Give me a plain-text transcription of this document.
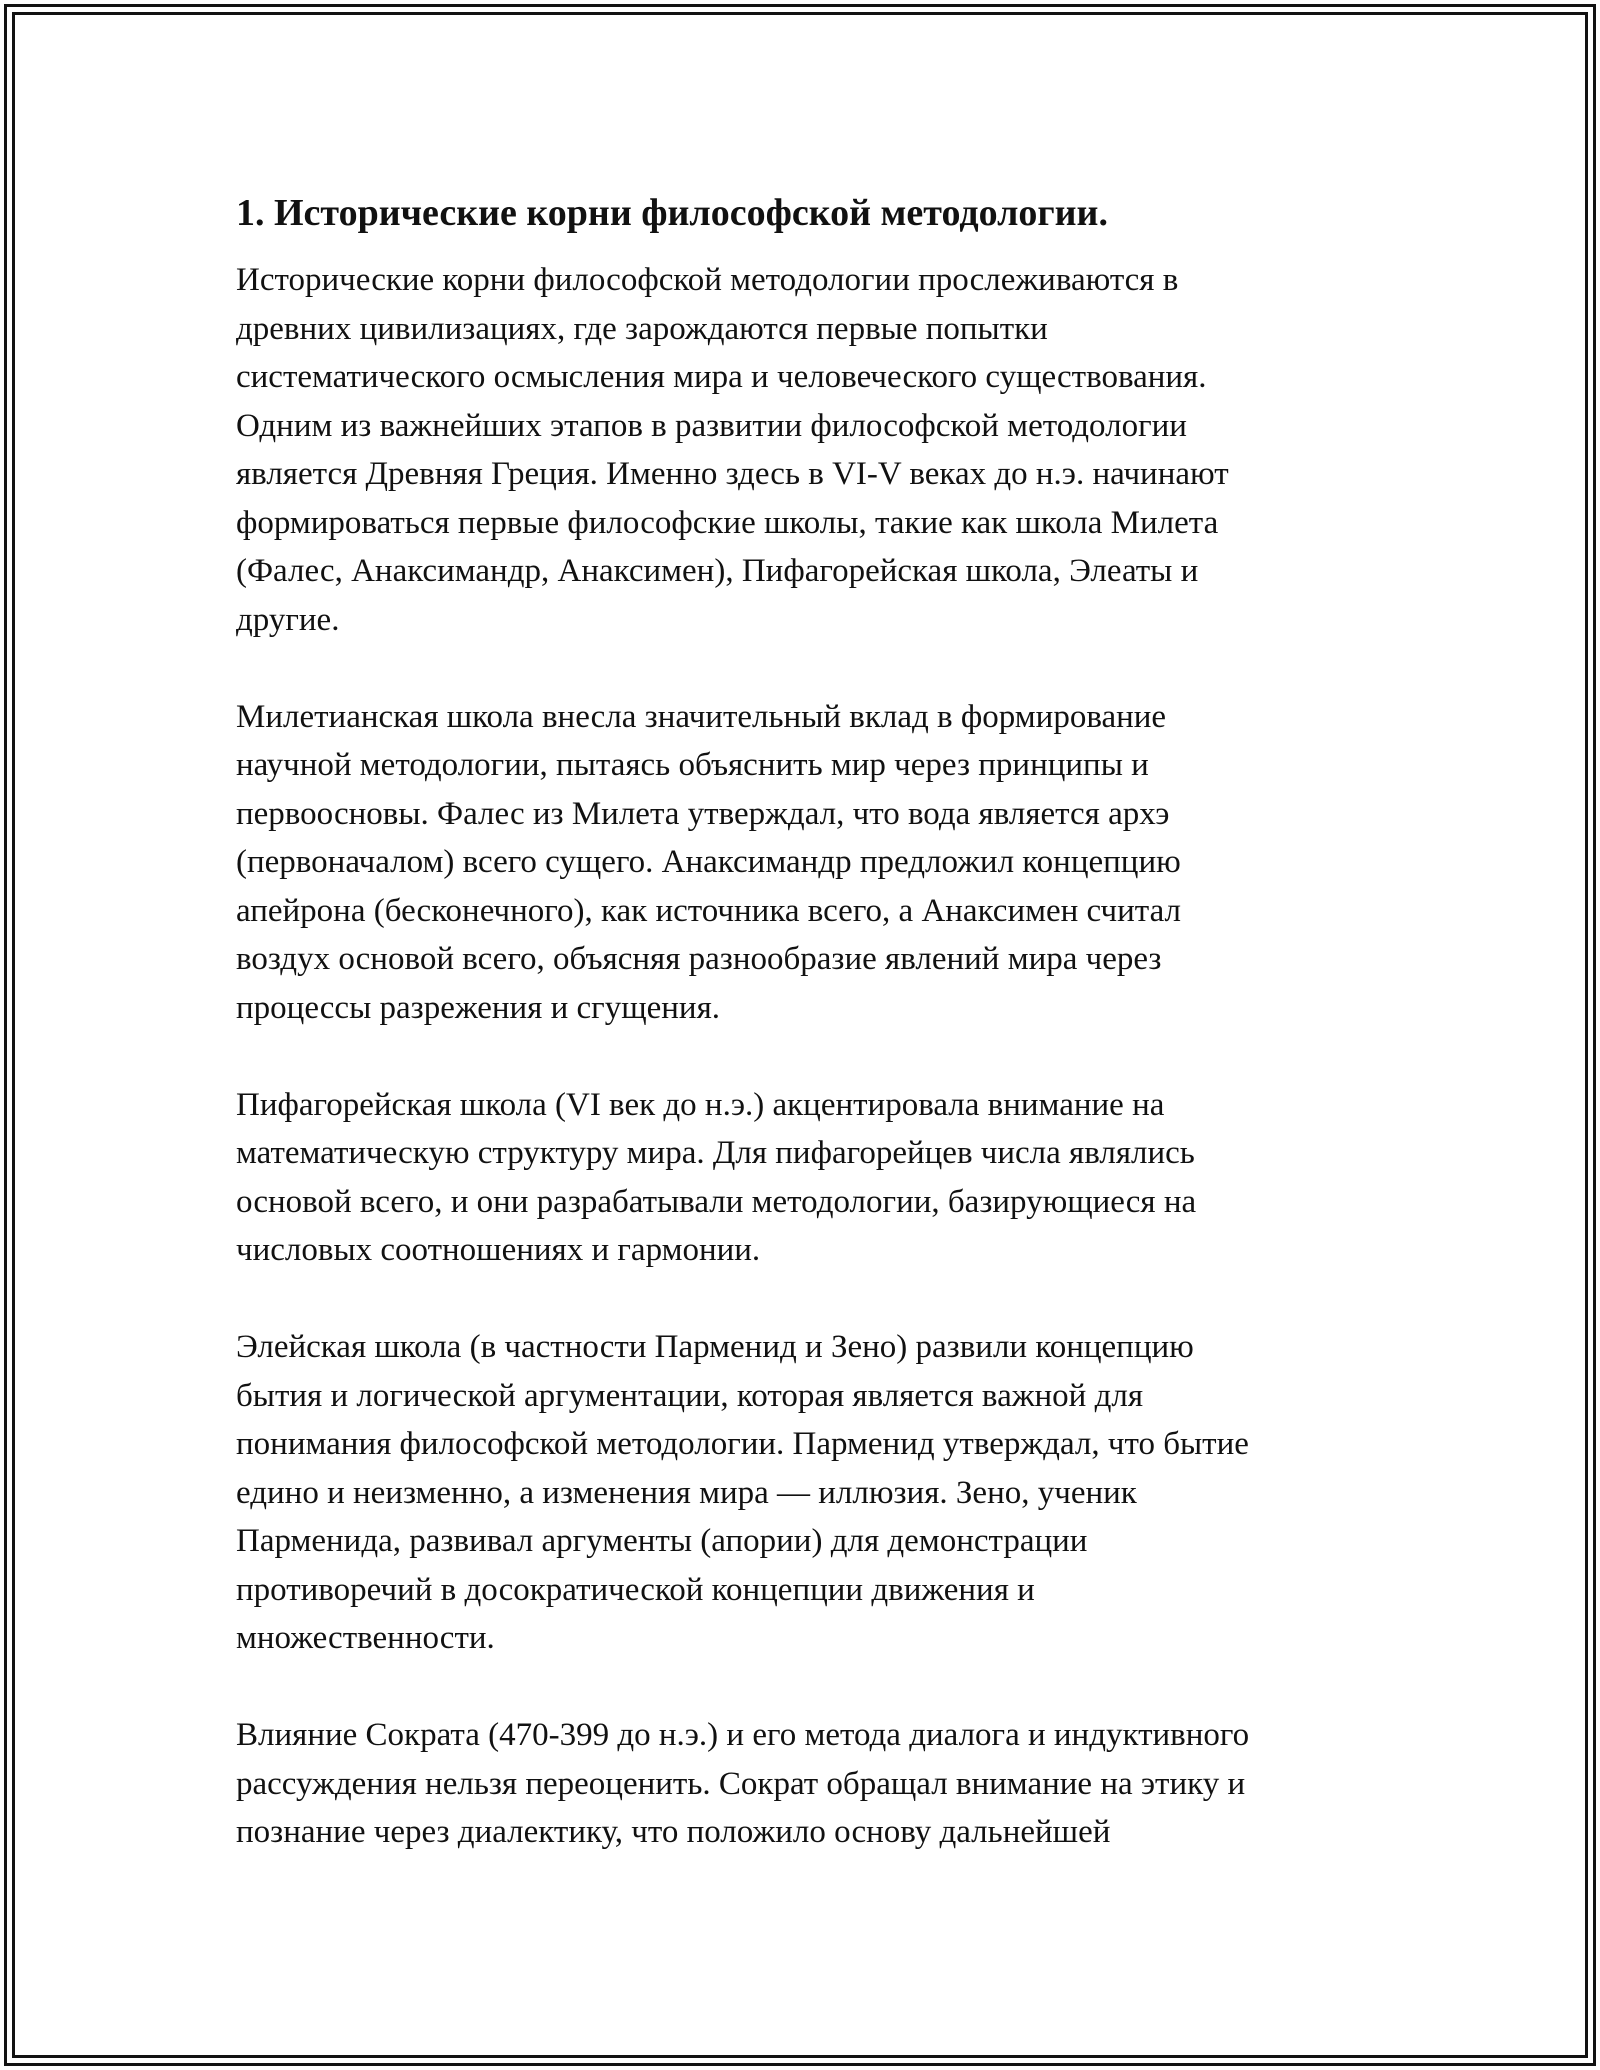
1. Исторические корни философской методологии.

Исторические корни философской методологии прослеживаются в
древних цивилизациях, где зарождаются первые попытки
систематического осмысления мира и человеческого существования.
Одним из важнейших этапов в развитии философской методологии
является Древняя Греция. Именно здесь в VI-V веках до н.э. начинают
формироваться первые философские школы, такие как школа Милета
(Фалес, Анаксимандр, Анаксимен), Пифагорейская школа, Элеаты и
другие.

Милетианская школа внесла значительный вклад в формирование
научной методологии, пытаясь объяснить мир через принципы и
первоосновы. Фалес из Милета утверждал, что вода является архэ
(первоначалом) всего сущего. Анаксимандр предложил концепцию
апейрона (бесконечного), как источника всего, а Анаксимен считал
воздух основой всего, объясняя разнообразие явлений мира через
процессы разрежения и сгущения.

Пифагорейская школа (VI век до н.э.) акцентировала внимание на
математическую структуру мира. Для пифагорейцев числа являлись
основой всего, и они разрабатывали методологии, базирующиеся на
числовых соотношениях и гармонии.

Элейская школа (в частности Парменид и Зено) развили концепцию
бытия и логической аргументации, которая является важной для
понимания философской методологии. Парменид утверждал, что бытие
едино и неизменно, а изменения мира — иллюзия. Зено, ученик
Парменида, развивал аргументы (апории) для демонстрации
противоречий в досократической концепции движения и
множественности.

Влияние Сократа (470-399 до н.э.) и его метода диалога и индуктивного
рассуждения нельзя переоценить. Сократ обращал внимание на этику и
познание через диалектику, что положило основу дальнейшей
